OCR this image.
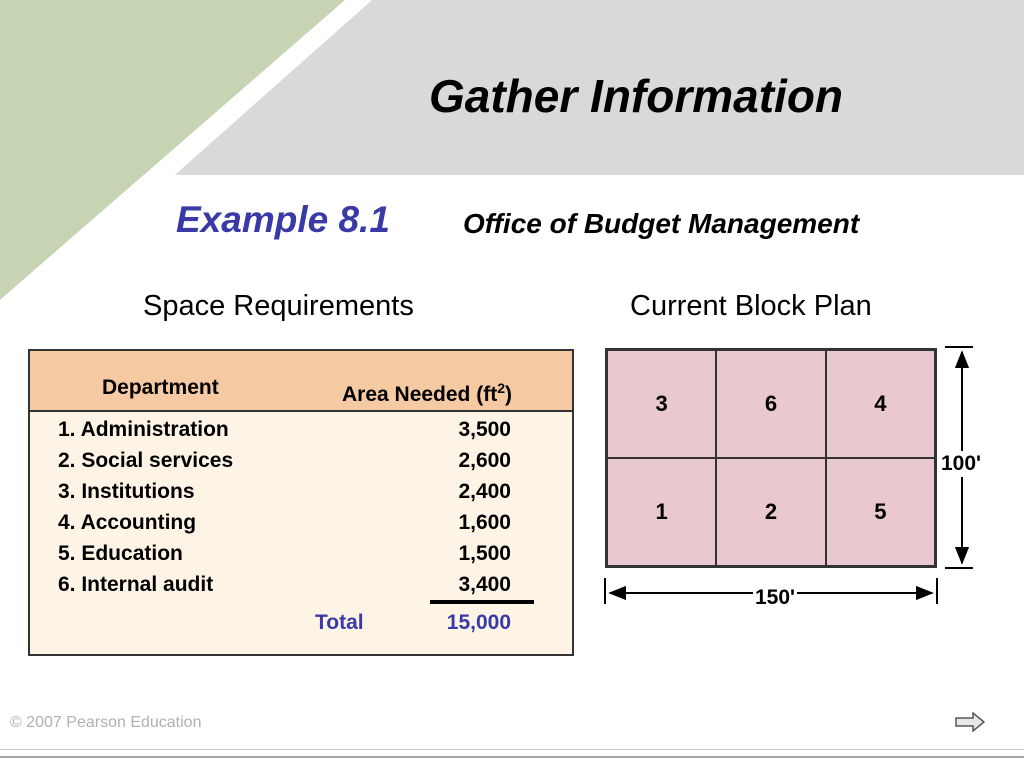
Gather Information
Example 8.1	Office of Budget Management
Space Requirements	Current Block Plan
Department	Area Needed $(ft^2)$
1. Administration	3,500
2. Social services	2,600
3. Institutions	2,400
4. Accounting	1,600
5. Education	1,500
6. Internal audit	3,400
Total	15,000
3	6	4
1	2	5
100'
150'
© 2007 Pearson Education
